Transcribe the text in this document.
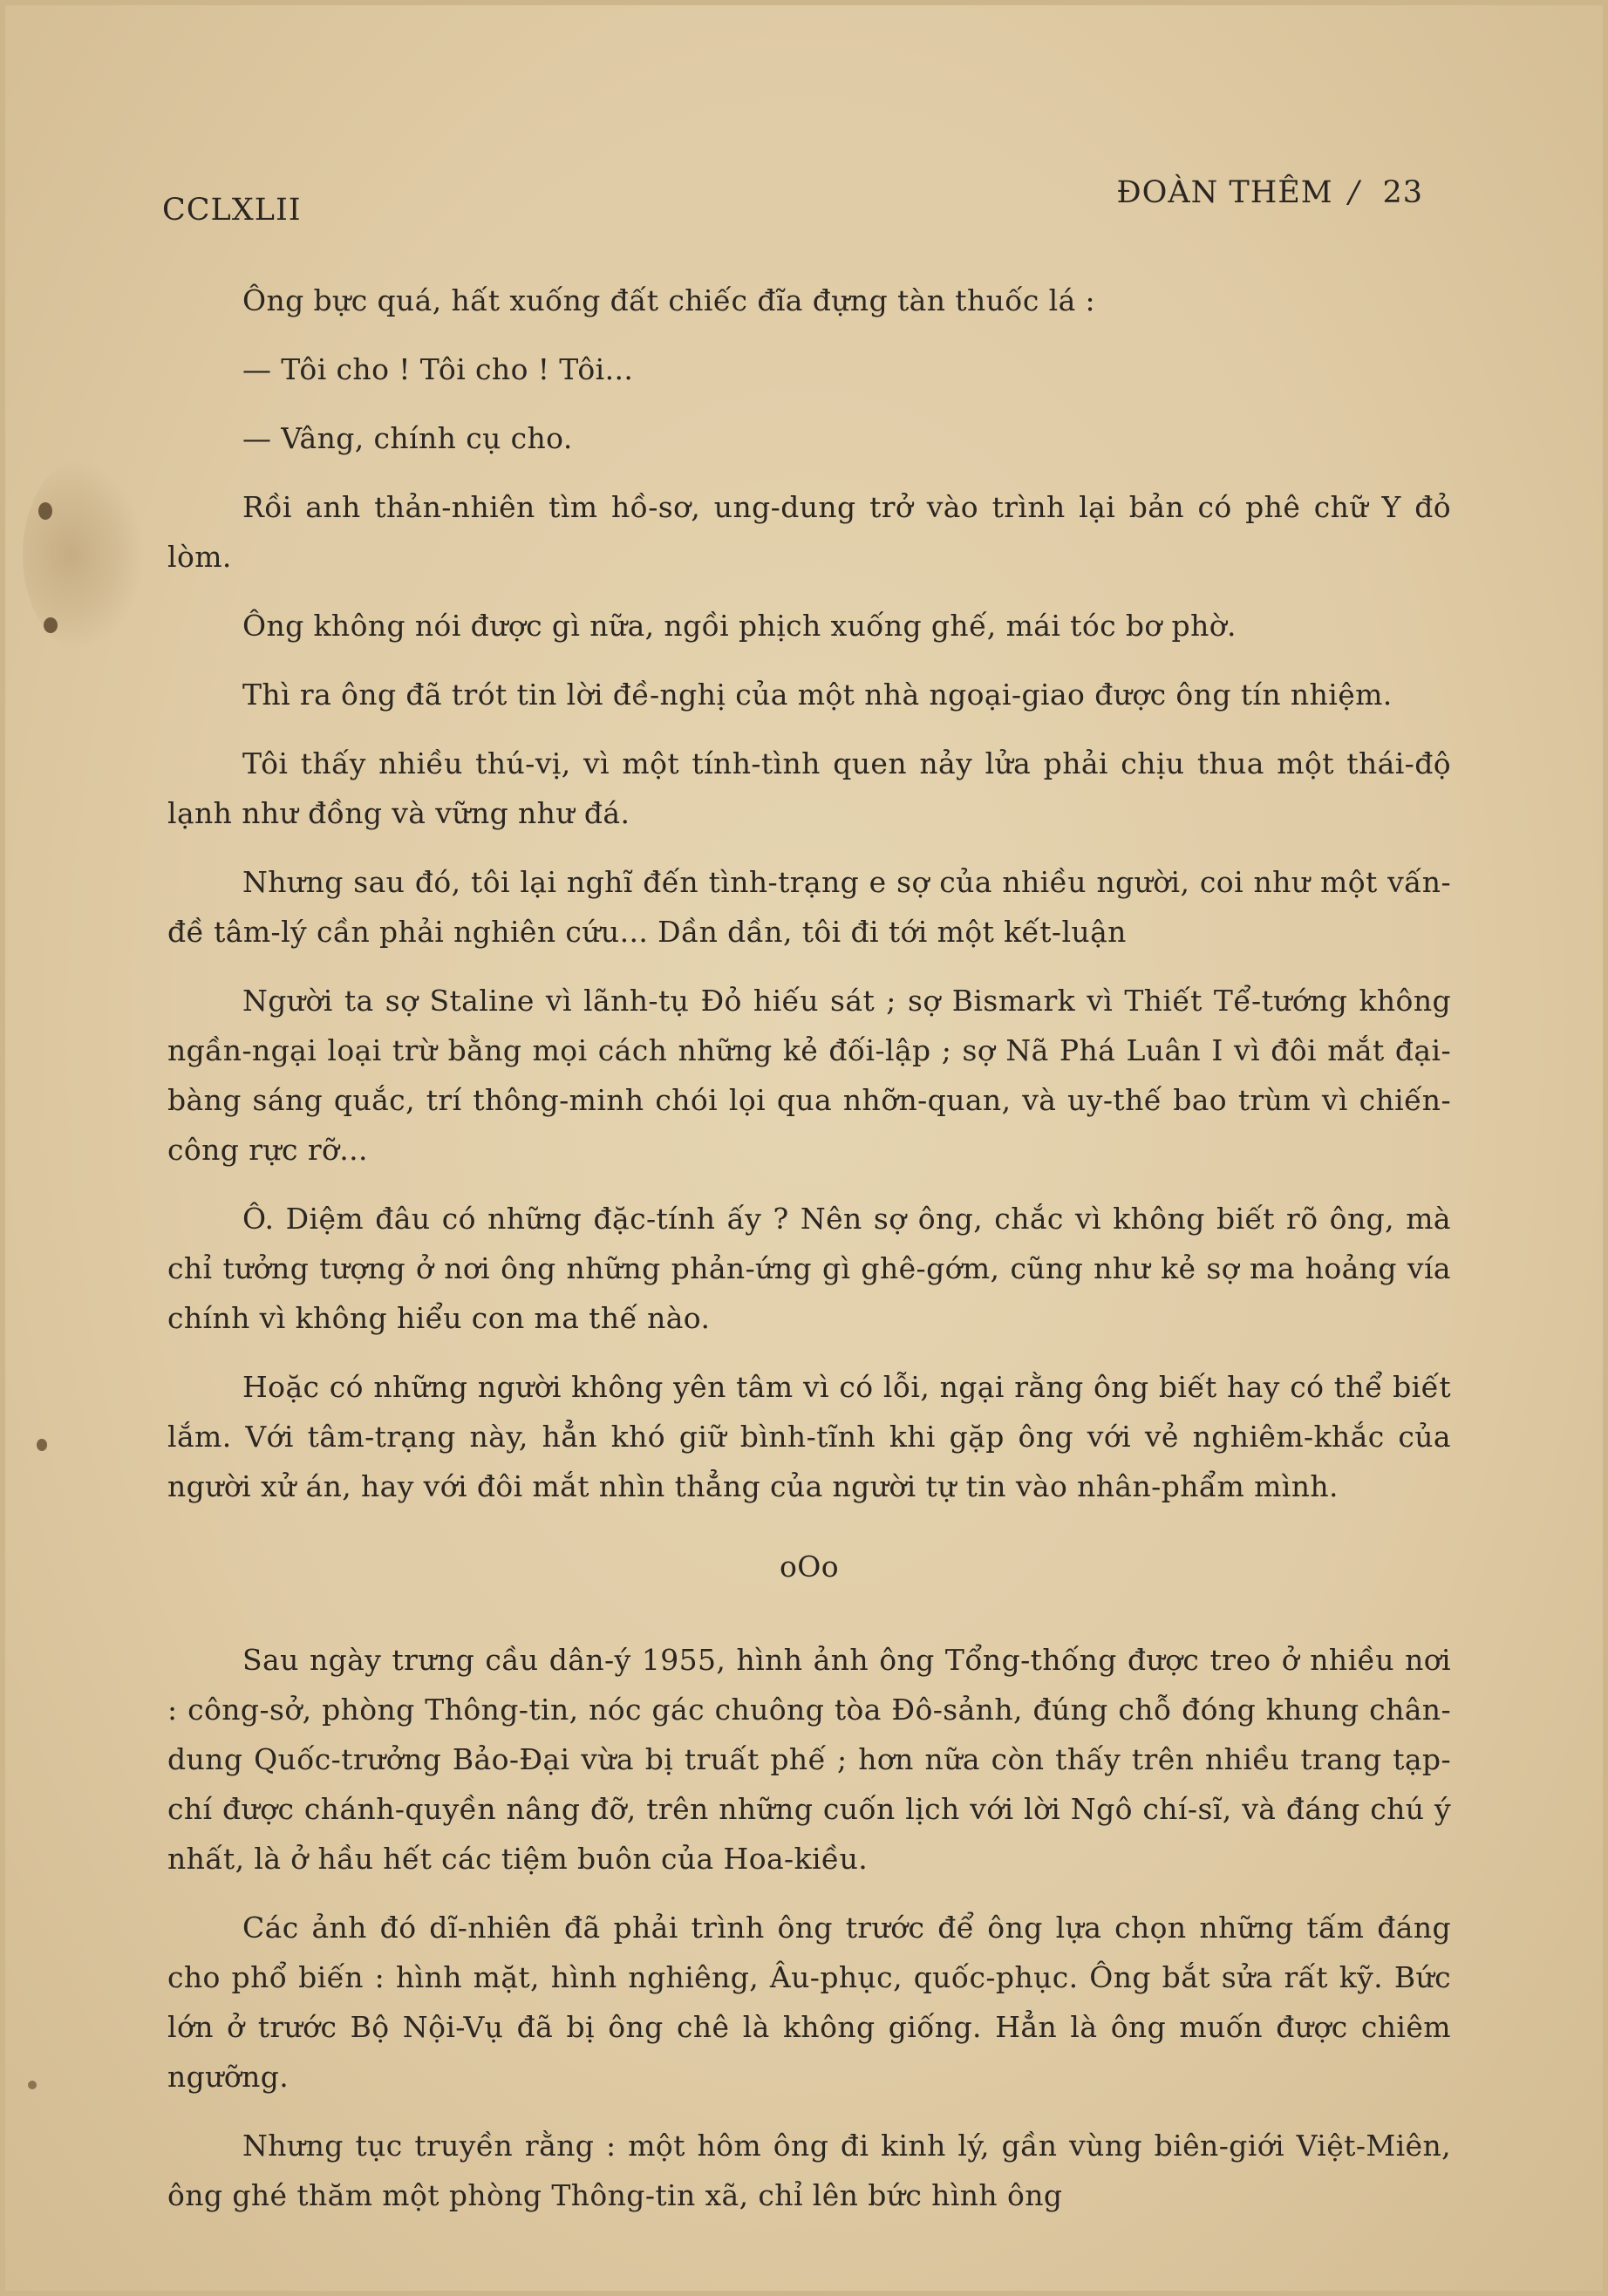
CCLXLII	ĐOÀN THÊM / 23

Ông bực quá, hất xuống đất chiếc đĩa đựng tàn thuốc lá :

— Tôi cho ! Tôi cho ! Tôi...

— Vâng, chính cụ cho.

Rồi anh thản-nhiên tìm hồ-sơ, ung-dung trở vào trình lại bản có phê chữ Y đỏ lòm.

Ông không nói được gì nữa, ngồi phịch xuống ghế, mái tóc bơ phờ.

Thì ra ông đã trót tin lời đề-nghị của một nhà ngoại-giao được ông tín nhiệm.

Tôi thấy nhiều thú-vị, vì một tính-tình quen nảy lửa phải chịu thua một thái-độ lạnh như đồng và vững như đá.

Nhưng sau đó, tôi lại nghĩ đến tình-trạng e sợ của nhiều người, coi như một vấn-đề tâm-lý cần phải nghiên cứu... Dần dần, tôi đi tới một kết-luận

Người ta sợ Staline vì lãnh-tụ Đỏ hiếu sát ; sợ Bismark vì Thiết Tể-tướng không ngần-ngại loại trừ bằng mọi cách những kẻ đối-lập ; sợ Nã Phá Luân I vì đôi mắt đại-bàng sáng quắc, trí thông-minh chói lọi qua nhỡn-quan, và uy-thế bao trùm vì chiến-công rực rỡ...

Ô. Diệm đâu có những đặc-tính ấy ? Nên sợ ông, chắc vì không biết rõ ông, mà chỉ tưởng tượng ở nơi ông những phản-ứng gì ghê-gớm, cũng như kẻ sợ ma hoảng vía chính vì không hiểu con ma thế nào.

Hoặc có những người không yên tâm vì có lỗi, ngại rằng ông biết hay có thể biết lắm. Với tâm-trạng này, hẳn khó giữ bình-tĩnh khi gặp ông với vẻ nghiêm-khắc của người xử án, hay với đôi mắt nhìn thẳng của người tự tin vào nhân-phẩm mình.

oOo

Sau ngày trưng cầu dân-ý 1955, hình ảnh ông Tổng-thống được treo ở nhiều nơi : công-sở, phòng Thông-tin, nóc gác chuông tòa Đô-sảnh, đúng chỗ đóng khung chân-dung Quốc-trưởng Bảo-Đại vừa bị truất phế ; hơn nữa còn thấy trên nhiều trang tạp-chí được chánh-quyền nâng đỡ, trên những cuốn lịch với lời Ngô chí-sĩ, và đáng chú ý nhất, là ở hầu hết các tiệm buôn của Hoa-kiều.

Các ảnh đó dĩ-nhiên đã phải trình ông trước để ông lựa chọn những tấm đáng cho phổ biến : hình mặt, hình nghiêng, Âu-phục, quốc-phục. Ông bắt sửa rất kỹ. Bức lớn ở trước Bộ Nội-Vụ đã bị ông chê là không giống. Hẳn là ông muốn được chiêm ngưỡng.

Nhưng tục truyền rằng : một hôm ông đi kinh lý, gần vùng biên-giới Việt-Miên, ông ghé thăm một phòng Thông-tin xã, chỉ lên bức hình ông
